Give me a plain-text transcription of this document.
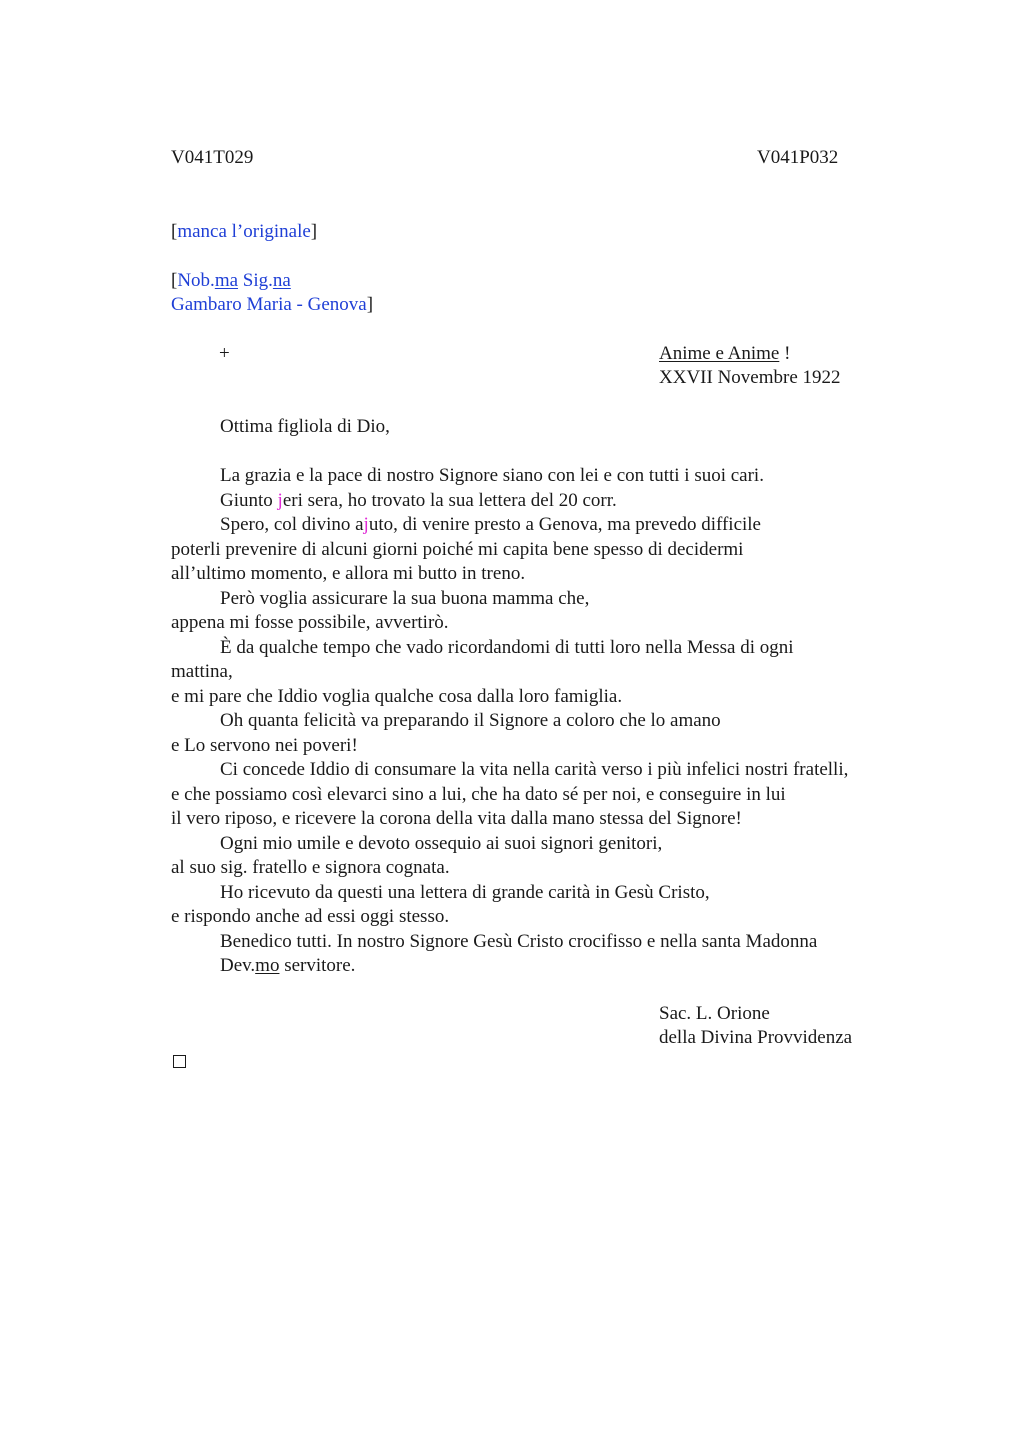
V041T029	V041P032
[manca l’originale]
[Nob.ma Sig.na
Gambaro Maria - Genova]
+	Anime e Anime !
XXVII Novembre 1922
Ottima figliola di Dio,
La grazia e la pace di nostro Signore siano con lei e con tutti i suoi cari.
Giunto jeri sera, ho trovato la sua lettera del 20 corr.
Spero, col divino ajuto, di venire presto a Genova, ma prevedo difficile
poterli prevenire di alcuni giorni poiché mi capita bene spesso di decidermi
all’ultimo momento, e allora mi butto in treno.
Però voglia assicurare la sua buona mamma che,
appena mi fosse possibile, avvertirò.
È da qualche tempo che vado ricordandomi di tutti loro nella Messa di ogni
mattina,
e mi pare che Iddio voglia qualche cosa dalla loro famiglia.
Oh quanta felicità va preparando il Signore a coloro che lo amano
e Lo servono nei poveri!
Ci concede Iddio di consumare la vita nella carità verso i più infelici nostri fratelli,
e che possiamo così elevarci sino a lui, che ha dato sé per noi, e conseguire in lui
il vero riposo, e ricevere la corona della vita dalla mano stessa del Signore!
Ogni mio umile e devoto ossequio ai suoi signori genitori,
al suo sig. fratello e signora cognata.
Ho ricevuto da questi una lettera di grande carità in Gesù Cristo,
e rispondo anche ad essi oggi stesso.
Benedico tutti. In nostro Signore Gesù Cristo crocifisso e nella santa Madonna
Dev.mo servitore.
Sac. L. Orione
della Divina Provvidenza
